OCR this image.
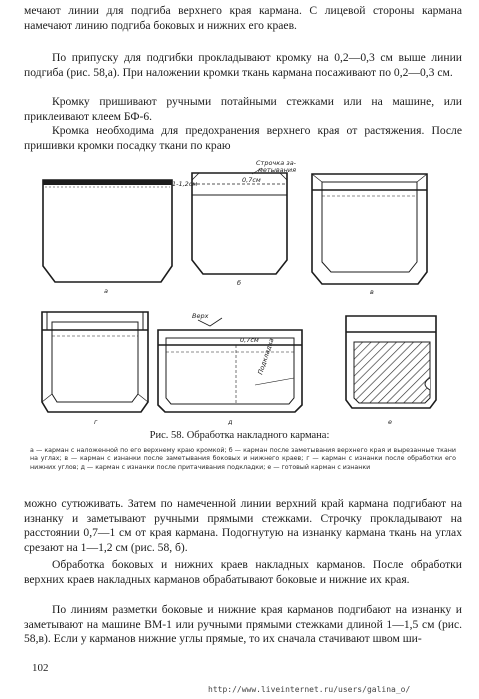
мечают линии для подгиба верхнего края кармана. С лицевой стороны кармана намечают линию подгиба боковых и нижних его краев.

По припуску для подгибки прокладывают кромку на 0,2—0,3 см выше линии подгиба (рис. 58,а). При наложении кромки ткань кармана посаживают по 0,2—0,3 см.

Кромку пришивают ручными потайными стежками или на машине, или приклеивают клеем БФ-6.

Кромка необходима для предохранения верхнего края от растяжения. После пришивки кромки посадку ткани по краю

а
б
в
г	д	е
Строчка за-
метывания
0,7см
1-1,2см
Верх
0,7см
Подкладка

Рис. 58. Обработка накладного кармана:

а — карман с наложенной по его верхнему краю кромкой; б — карман после заметывания верхнего края и вырезанные ткани на углах; в — карман с изнанки после заметывания боковых и нижнего краев; г — карман с изнанки после обработки его нижних углов; д — карман с изнанки после притачивания подкладки; е — готовый карман с изнанки

можно сутюживать. Затем по намеченной линии верхний край кармана подгибают на изнанку и заметывают ручными прямыми стежками. Строчку прокладывают на расстоянии 0,7—1 см от края кармана. Подогнутую на изнанку кармана ткань на углах срезают на 1—1,2 см (рис. 58, б).

Обработка боковых и нижних краев накладных карманов. После обработки верхних краев накладных карманов обрабатывают боковые и нижние их края.

По линиям разметки боковые и нижние края карманов подгибают на изнанку и заметывают на машине ВМ-1 или ручными прямыми стежками длиной 1—1,5 см (рис. 58,в). Если у карманов нижние углы прямые, то их сначала стачивают швом ши-

102

http://www.liveinternet.ru/users/galina_o/
